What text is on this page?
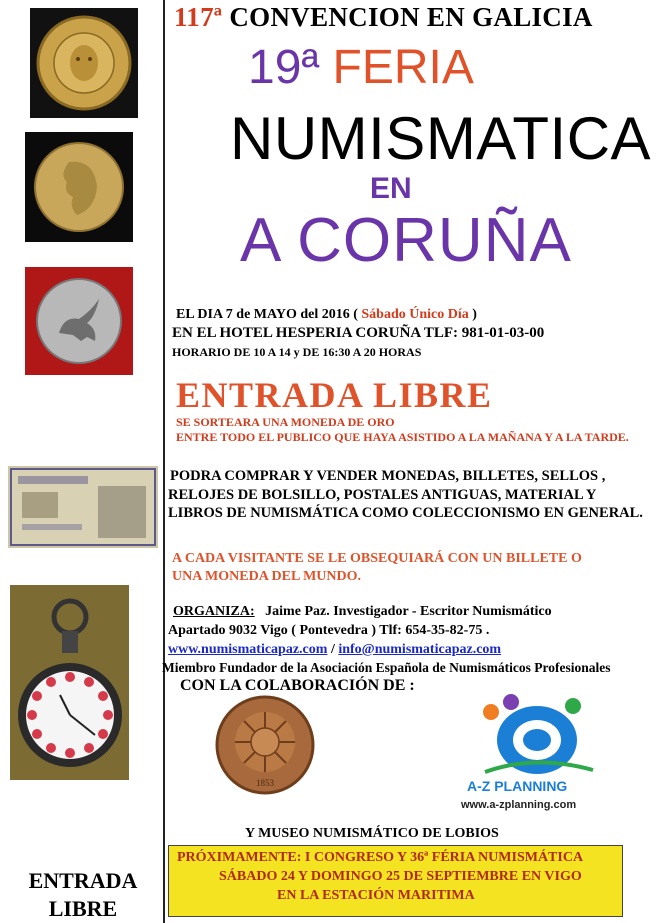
117ª CONVENCION EN GALICIA
19ª FERIA
NUMISMATICA
EN
A CORUÑA
EL DIA 7 de MAYO del 2016 ( Sábado Único Día )
EN EL HOTEL HESPERIA CORUÑA TLF: 981-01-03-00
HORARIO DE 10 A 14 y DE 16:30 A 20 HORAS
ENTRADA LIBRE
SE SORTEARA UNA MONEDA DE ORO
ENTRE TODO EL PUBLICO QUE HAYA ASISTIDO A LA MAÑANA Y A LA TARDE.
PODRA COMPRAR Y VENDER MONEDAS, BILLETES, SELLOS ,
RELOJES DE BOLSILLO, POSTALES ANTIGUAS, MATERIAL Y
LIBROS DE NUMISMÁTICA COMO COLECCIONISMO EN GENERAL.
A CADA VISITANTE SE LE OBSEQUIARÁ CON UN BILLETE O
UNA MONEDA DEL MUNDO.
ORGANIZA: Jaime Paz. Investigador - Escritor Numismático
Apartado 9032 Vigo ( Pontevedra ) Tlf: 654-35-82-75 .
www.numismaticapaz.com / info@numismaticapaz.com
Miembro Fundador de la Asociación Española de Numismáticos Profesionales
CON LA COLABORACIÓN DE :
1853	A-Z PLANNING
www.a-zplanning.com
Y MUSEO NUMISMÁTICO DE LOBIOS
PRÓXIMAMENTE: I CONGRESO Y 36ª FÉRIA NUMISMÁTICA
SÁBADO 24 Y DOMINGO 25 DE SEPTIEMBRE EN VIGO
EN LA ESTACIÓN MARITIMA
ENTRADA
LIBRE
